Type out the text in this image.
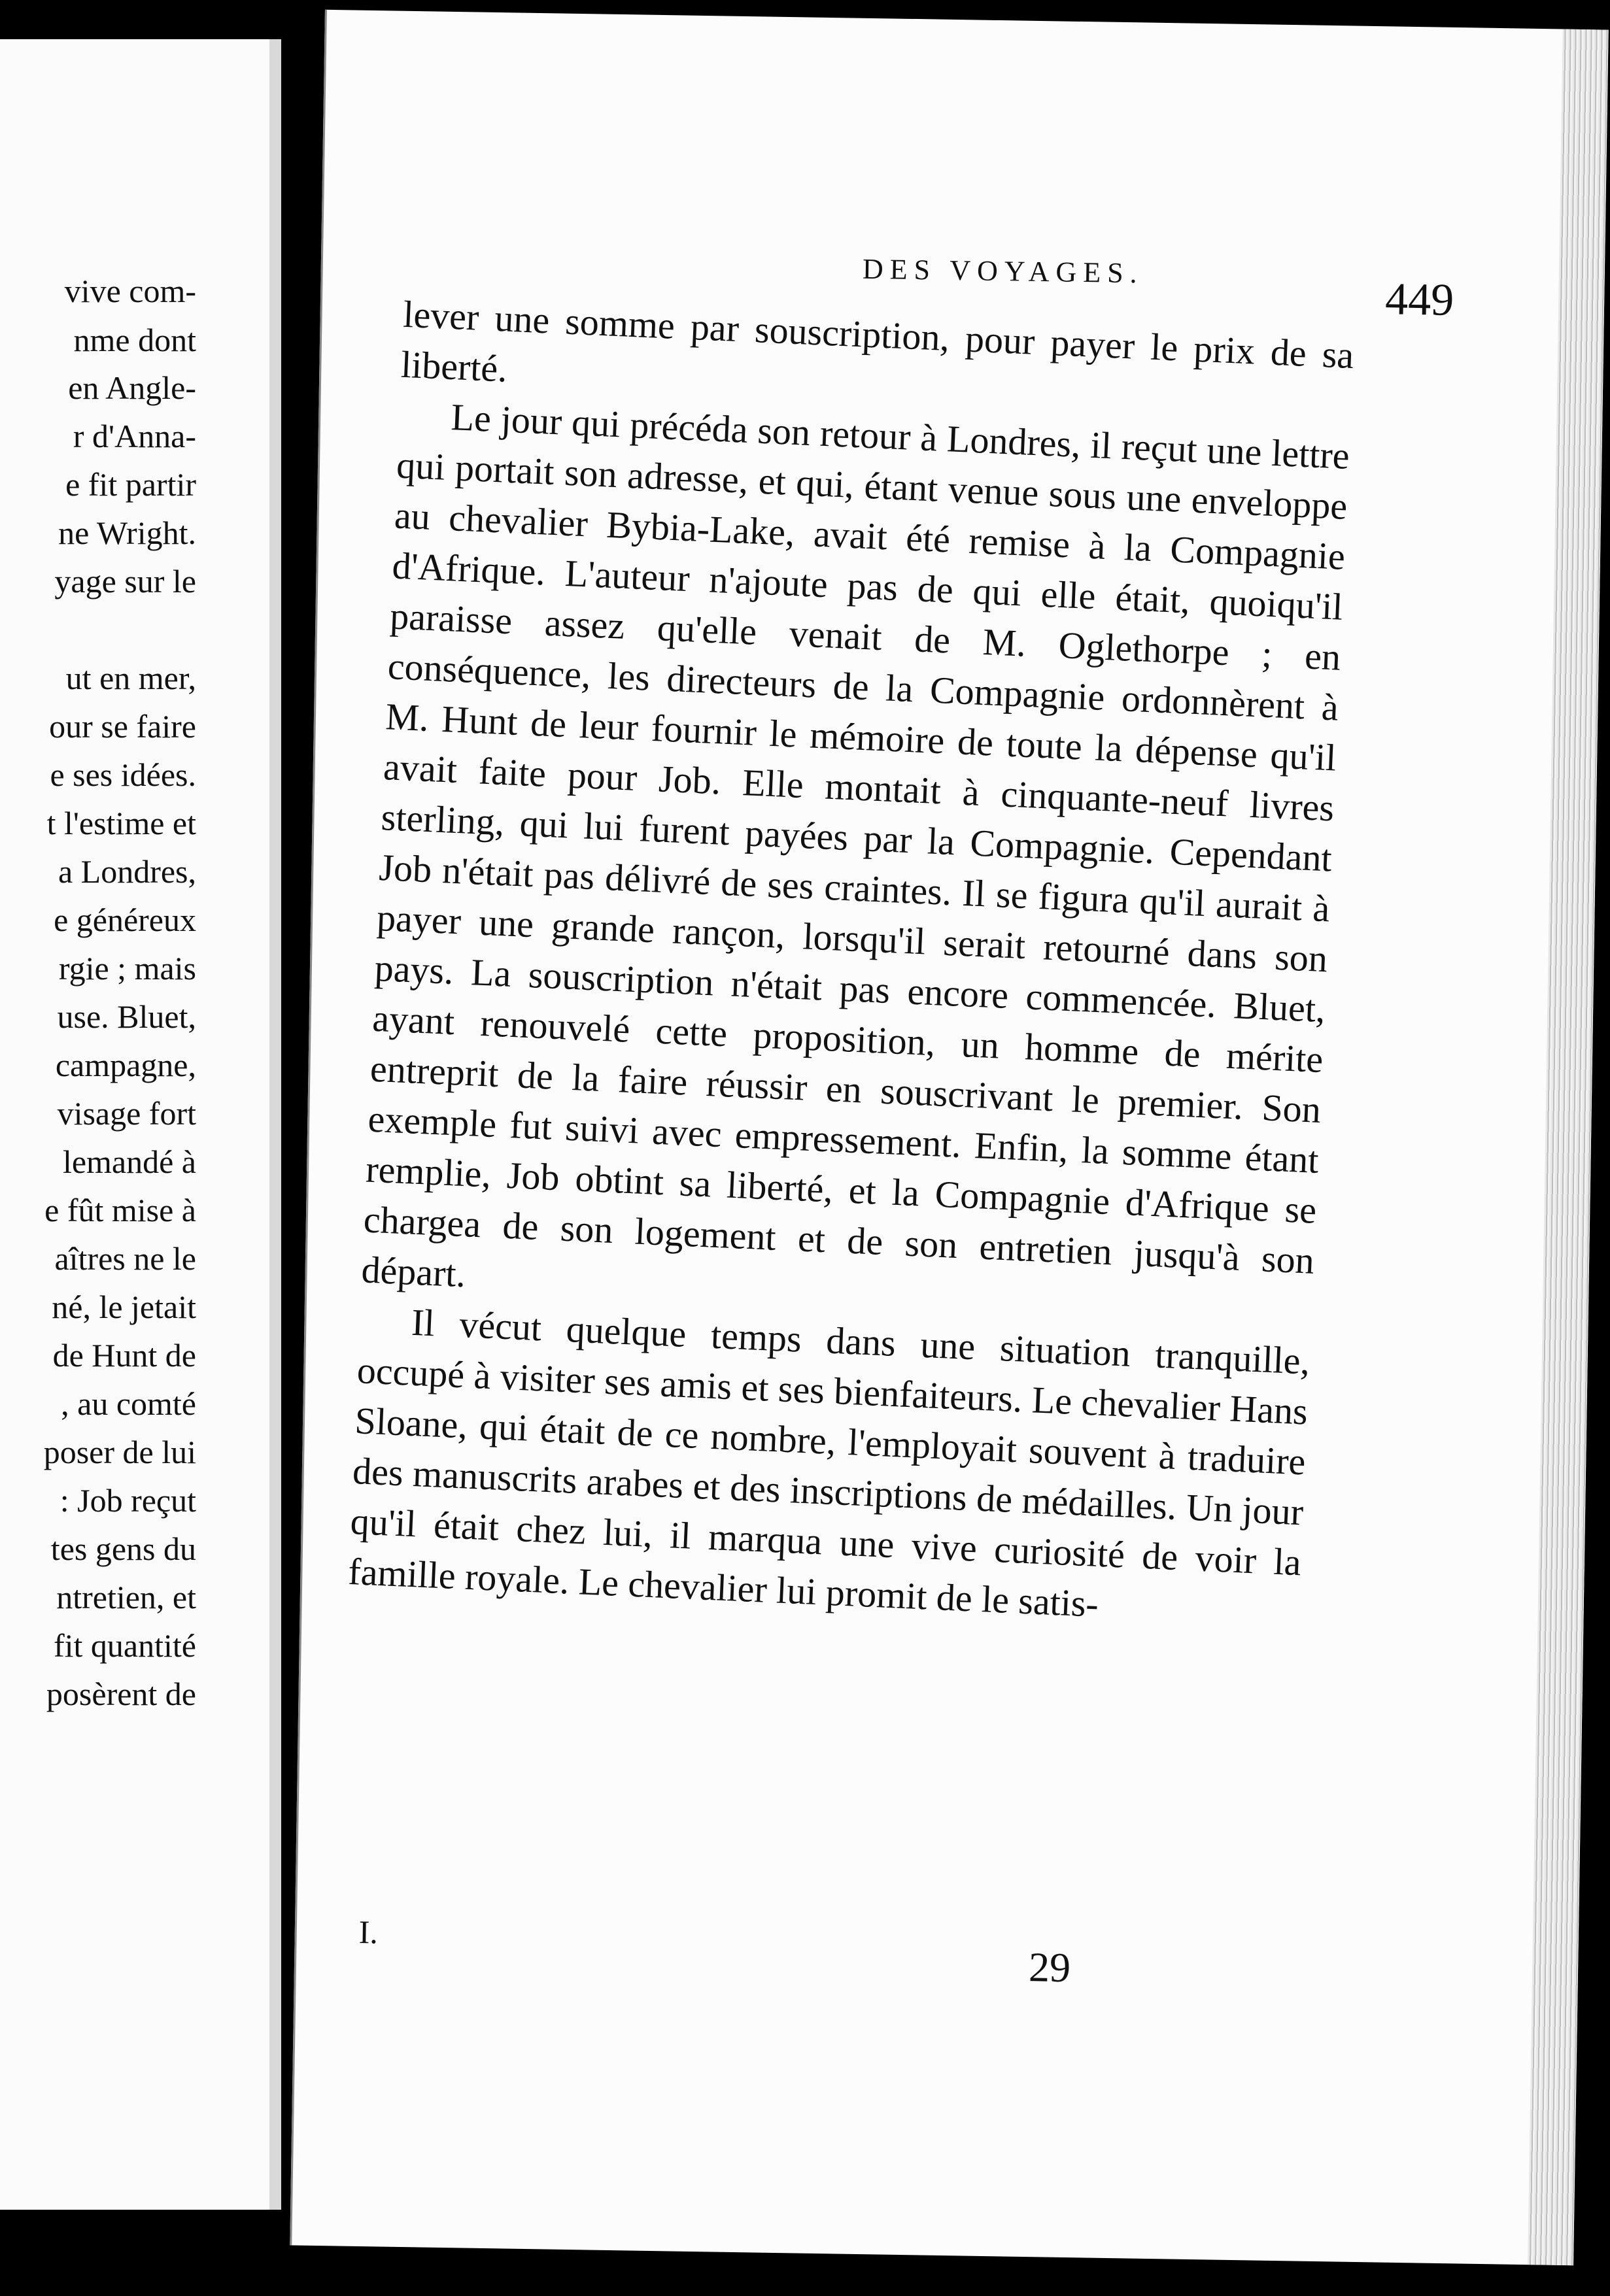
vive com-
nme dont
en Angle-
r d'Anna-
e fit partir
ne Wright.
yage sur le
ut en mer,
our se faire
e ses idées.
t l'estime et
a Londres,
e généreux
rgie ; mais
use. Bluet,
campagne,
visage fort
lemandé à
e fût mise à
aîtres ne le
né, le jetait
de Hunt de
, au comté
poser de lui
: Job reçut
tes gens du
ntretien, et
fit quantité
posèrent de
DES VOYAGES.
449

lever une somme par souscription, pour payer le prix de sa liberté.

Le jour qui précéda son retour à Londres, il reçut une lettre qui portait son adresse, et qui, étant venue sous une enveloppe au chevalier Bybia-Lake, avait été remise à la Compagnie d'Afrique. L'auteur n'ajoute pas de qui elle était, quoiqu'il paraisse assez qu'elle venait de M. Oglethorpe ; en conséquence, les directeurs de la Compagnie ordonnèrent à M. Hunt de leur fournir le mémoire de toute la dépense qu'il avait faite pour Job. Elle montait à cinquante-neuf livres sterling, qui lui furent payées par la Compagnie. Cependant Job n'était pas délivré de ses craintes. Il se figura qu'il aurait à payer une grande rançon, lorsqu'il serait retourné dans son pays. La souscription n'était pas encore commencée. Bluet, ayant renouvelé cette proposition, un homme de mérite entreprit de la faire réussir en souscrivant le premier. Son exemple fut suivi avec empressement. Enfin, la somme étant remplie, Job obtint sa liberté, et la Compagnie d'Afrique se chargea de son logement et de son entretien jusqu'à son départ.

Il vécut quelque temps dans une situation tranquille, occupé à visiter ses amis et ses bienfaiteurs. Le chevalier Hans Sloane, qui était de ce nombre, l'employait souvent à traduire des manuscrits arabes et des inscriptions de médailles. Un jour qu'il était chez lui, il marqua une vive curiosité de voir la famille royale. Le chevalier lui promit de le satis-

I.
29
